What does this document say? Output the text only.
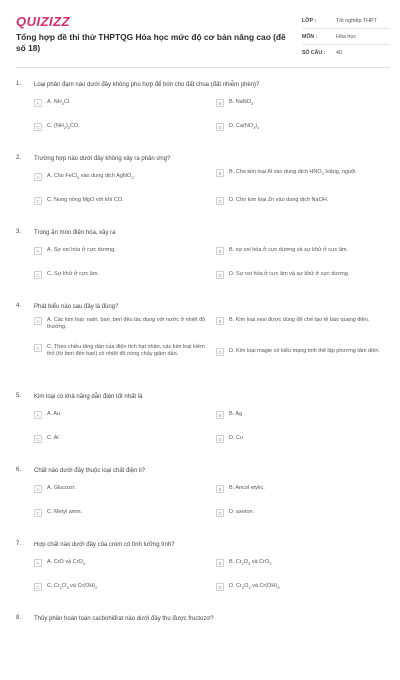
QUIZIZZ
Tổng hợp đề thi thử THPTQG Hóa học mức độ cơ bản nâng cao (đề số 18)
LỚP :	Tốt nghiệp THPT
MÔN :	Hóa học
SỐ CÂU :	40
1. Loại phân đạm nào dưới đây không phù hợp để bón cho đất chua (đất nhiễm phèn)?
A	A. $NH_4Cl$.	B	B. NaNO$_3$.
C	C. $(NH_2)_2CO$.	D	D. $Ca(NO_3)_2$
2. Trường hợp nào dưới đây không xảy ra phản ứng?
A	A. Cho FeCl$_3$ vào dung dịch AgNO$_3$.	B	B. Cho kim loại Al vào dung dịch $HNO_3$ loãng, nguội.
C	C. Nung nóng MgO với khí CO.	D	D. Cho kim loại Zn vào dung dịch NaOH.
3. Trong ăn mòn điện hóa, xảy ra
A	A. Sự oxi hóa ở cực dương.	B	B. sự oxi hóa ở cực dương và sự khử ở cực âm.
C	C. Sự khử ở cực âm.	D	D. Sự oxi hóa ở cực âm và sự khử ở cực dương.
4. Phát biểu nào sau đây là đúng?
A	A. Các kim loại: natri, bari, beri đều tác dụng với nước ở nhiệt độ thường.
B	B. Kim loại xesi được dùng để chế tạo tế bào quang điện.
C	C. Theo chiều tăng dần của điện tích hạt nhân, các kim loại kiềm thổ (từ beri đến bari) có nhiệt độ nóng chảy giảm dần.	D	D. Kim loại magie có kiểu mạng tinh thể lập phương tâm diện.
5. Kim loại có khả năng dẫn điện tốt nhất là
A	A. Au	B	B. Ag
C	C. Al	D	D. Cu
6. Chất nào dưới đây thuộc loại chất điện li?
A	A. Glucozơ.	B	B. Ancol etylic.
C	C. Metyl amin.	D	D. axeton.
7. Hợp chất nào dưới đây của crom có tính lưỡng tính?
A	A. CrO và CrO$_3$	B	B. $Cr_2O_3$ và CrO$_3$
C	C. $Cr_2O_3$ và $Cr(OH)_2$	D	D. $Cr_2O_3$ và $Cr(OH)_3$
8. Thủy phân hoàn toàn cacbohiđrat nào dưới đây thu được fructozơ?
